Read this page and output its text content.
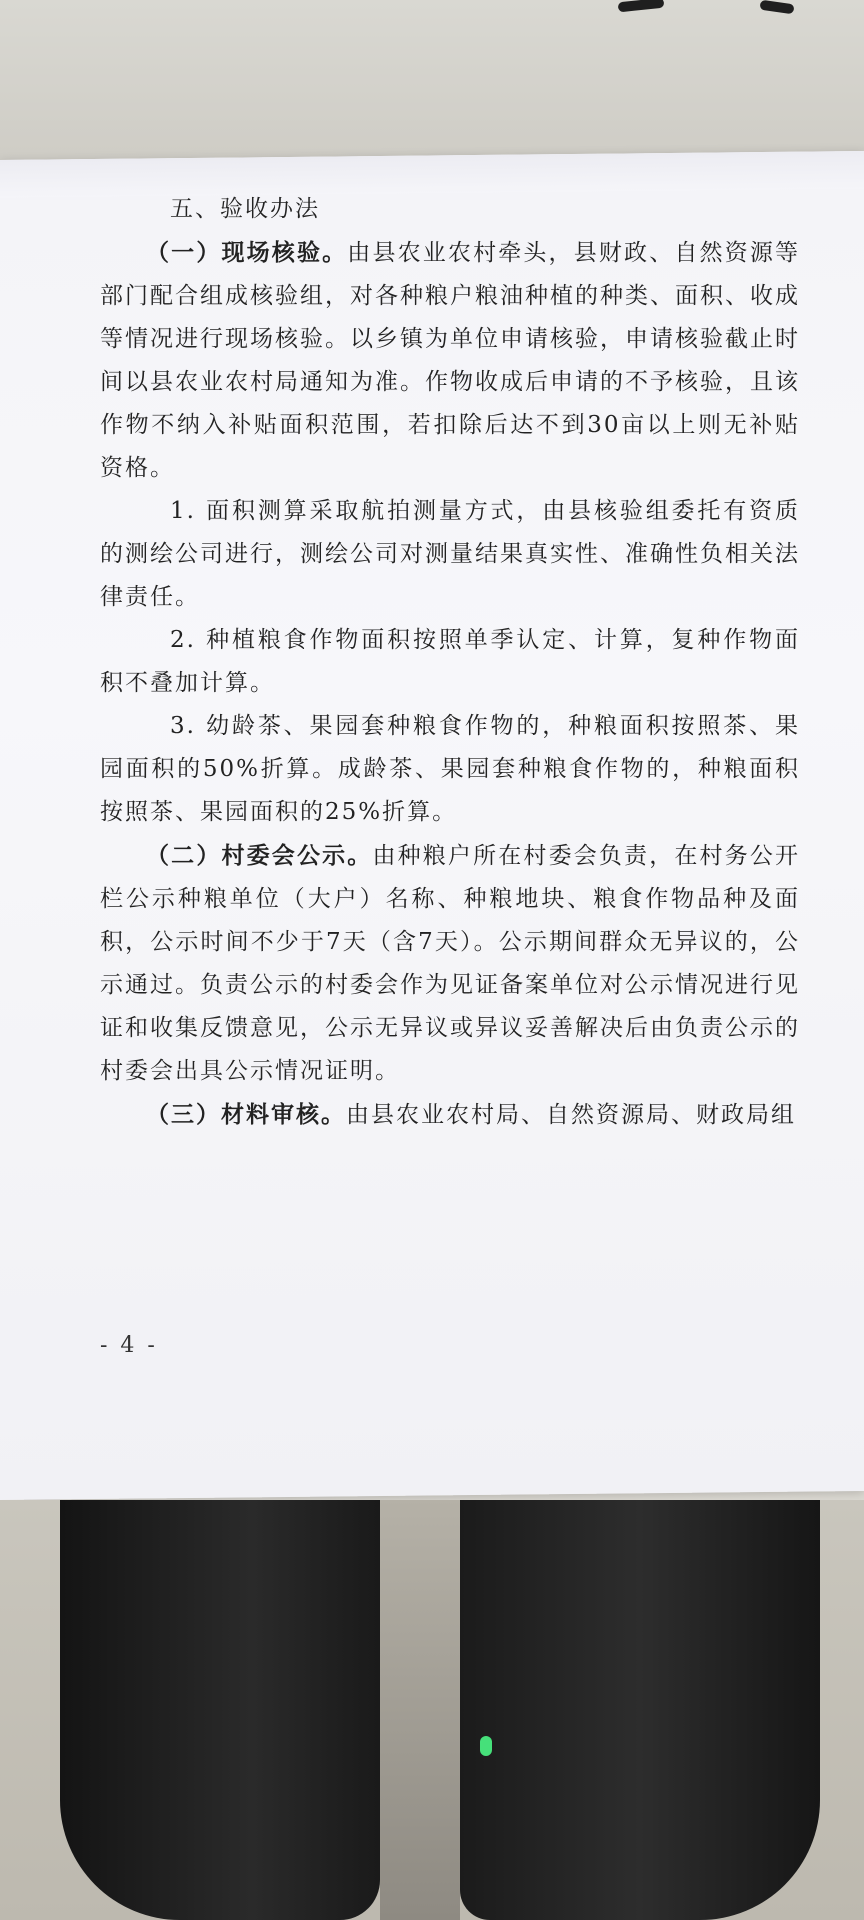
五、验收办法

（一）现场核验。由县农业农村牵头，县财政、自然资源等部门配合组成核验组，对各种粮户粮油种植的种类、面积、收成等情况进行现场核验。以乡镇为单位申请核验，申请核验截止时间以县农业农村局通知为准。作物收成后申请的不予核验，且该作物不纳入补贴面积范围，若扣除后达不到30亩以上则无补贴资格。

1. 面积测算采取航拍测量方式，由县核验组委托有资质的测绘公司进行，测绘公司对测量结果真实性、准确性负相关法律责任。

2. 种植粮食作物面积按照单季认定、计算，复种作物面积不叠加计算。

3. 幼龄茶、果园套种粮食作物的，种粮面积按照茶、果园面积的50%折算。成龄茶、果园套种粮食作物的，种粮面积按照茶、果园面积的25%折算。

（二）村委会公示。由种粮户所在村委会负责，在村务公开栏公示种粮单位（大户）名称、种粮地块、粮食作物品种及面积，公示时间不少于7天（含7天）。公示期间群众无异议的，公示通过。负责公示的村委会作为见证备案单位对公示情况进行见证和收集反馈意见，公示无异议或异议妥善解决后由负责公示的村委会出具公示情况证明。

（三）材料审核。由县农业农村局、自然资源局、财政局组

- 4 -
